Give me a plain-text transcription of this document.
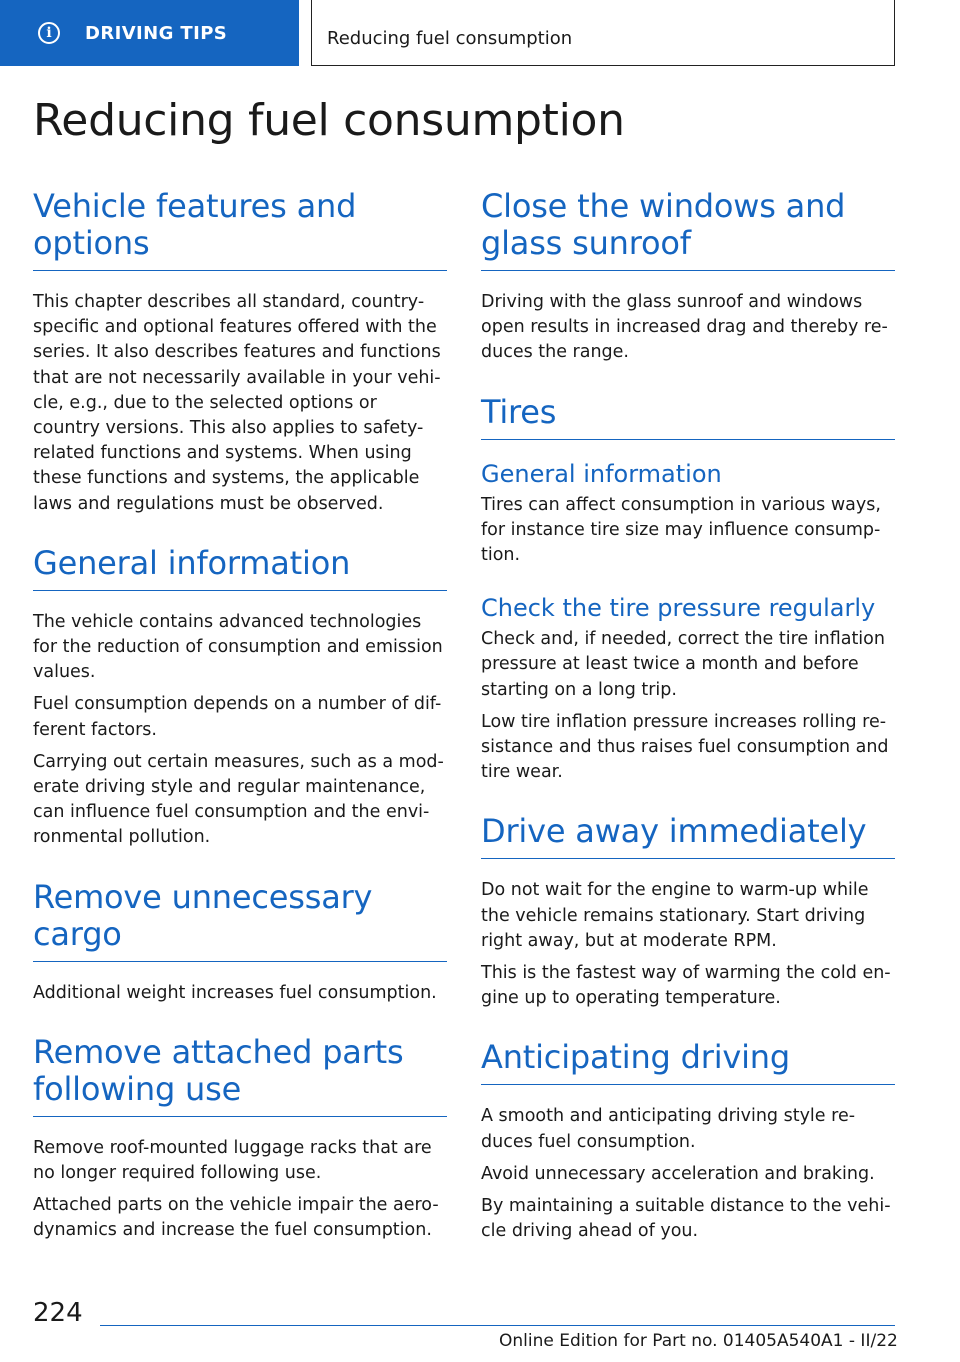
i	DRIVING TIPS	Reducing fuel consumption
Reducing fuel consumption
Vehicle features and options

This chapter describes all standard, country-specific and optional features offered with the series. It also describes features and functions that are not necessarily available in your vehi-cle, e.g., due to the selected options or country versions. This also applies to safety-related functions and systems. When using these functions and systems, the applicable laws and regulations must be observed.

General information

The vehicle contains advanced technologies for the reduction of consumption and emission values.

Fuel consumption depends on a number of dif-ferent factors.

Carrying out certain measures, such as a mod-erate driving style and regular maintenance, can influence fuel consumption and the envi-ronmental pollution.

Remove unnecessary cargo

Additional weight increases fuel consumption.

Remove attached parts following use

Remove roof-mounted luggage racks that are no longer required following use.

Attached parts on the vehicle impair the aero-dynamics and increase the fuel consumption.

Close the windows and glass sunroof

Driving with the glass sunroof and windows open results in increased drag and thereby re-duces the range.

Tires
General information

Tires can affect consumption in various ways, for instance tire size may influence consump-tion.

Check the tire pressure regularly

Check and, if needed, correct the tire inflation pressure at least twice a month and before starting on a long trip.

Low tire inflation pressure increases rolling re-sistance and thus raises fuel consumption and tire wear.

Drive away immediately

Do not wait for the engine to warm-up while the vehicle remains stationary. Start driving right away, but at moderate RPM.

This is the fastest way of warming the cold en-gine up to operating temperature.

Anticipating driving

A smooth and anticipating driving style re-duces fuel consumption.

Avoid unnecessary acceleration and braking.

By maintaining a suitable distance to the vehi-cle driving ahead of you.

224
Online Edition for Part no. 01405A540A1 - II/22
